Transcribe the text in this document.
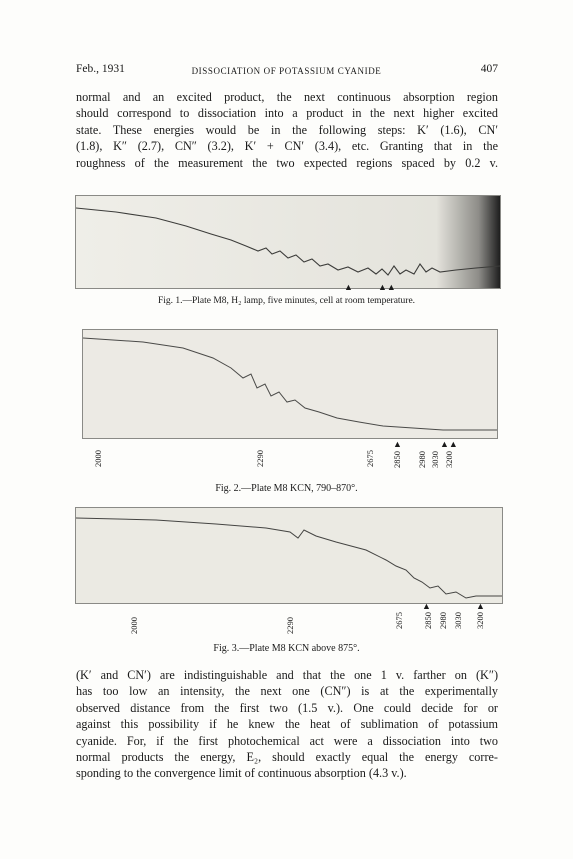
Feb., 1931	DISSOCIATION OF POTASSIUM CYANIDE	407
normal and an excited product, the next continuous absorption region
should correspond to dissociation into a product in the next higher excited
state. These energies would be in the following steps: K′ (1.6), CN′
(1.8), K″ (2.7), CN″ (3.2), K′ + CN′ (3.4), etc. Granting that in the
roughness of the measurement the two expected regions spaced by 0.2 v.
▲	▲▲
Fig. 1.—Plate M8, H₂ lamp, five minutes, cell at room temperature.
2000	2290	2675
▲
2850 2980 3030
▲▲
3200
Fig. 2.—Plate M8 KCN, 790–870°.
2000	2290	2675
▲
2850 2980 3030
▲
3200
Fig. 3.—Plate M8 KCN above 875°.
(K′ and CN′) are indistinguishable and that the one 1 v. farther on (K″)
has too low an intensity, the next one (CN″) is at the experimentally
observed distance from the first two (1.5 v.). One could decide for or
against this possibility if he knew the heat of sublimation of potassium
cyanide. For, if the first photochemical act were a dissociation into two
normal products the energy, E₂, should exactly equal the energy corre-
sponding to the convergence limit of continuous absorption (4.3 v.).
